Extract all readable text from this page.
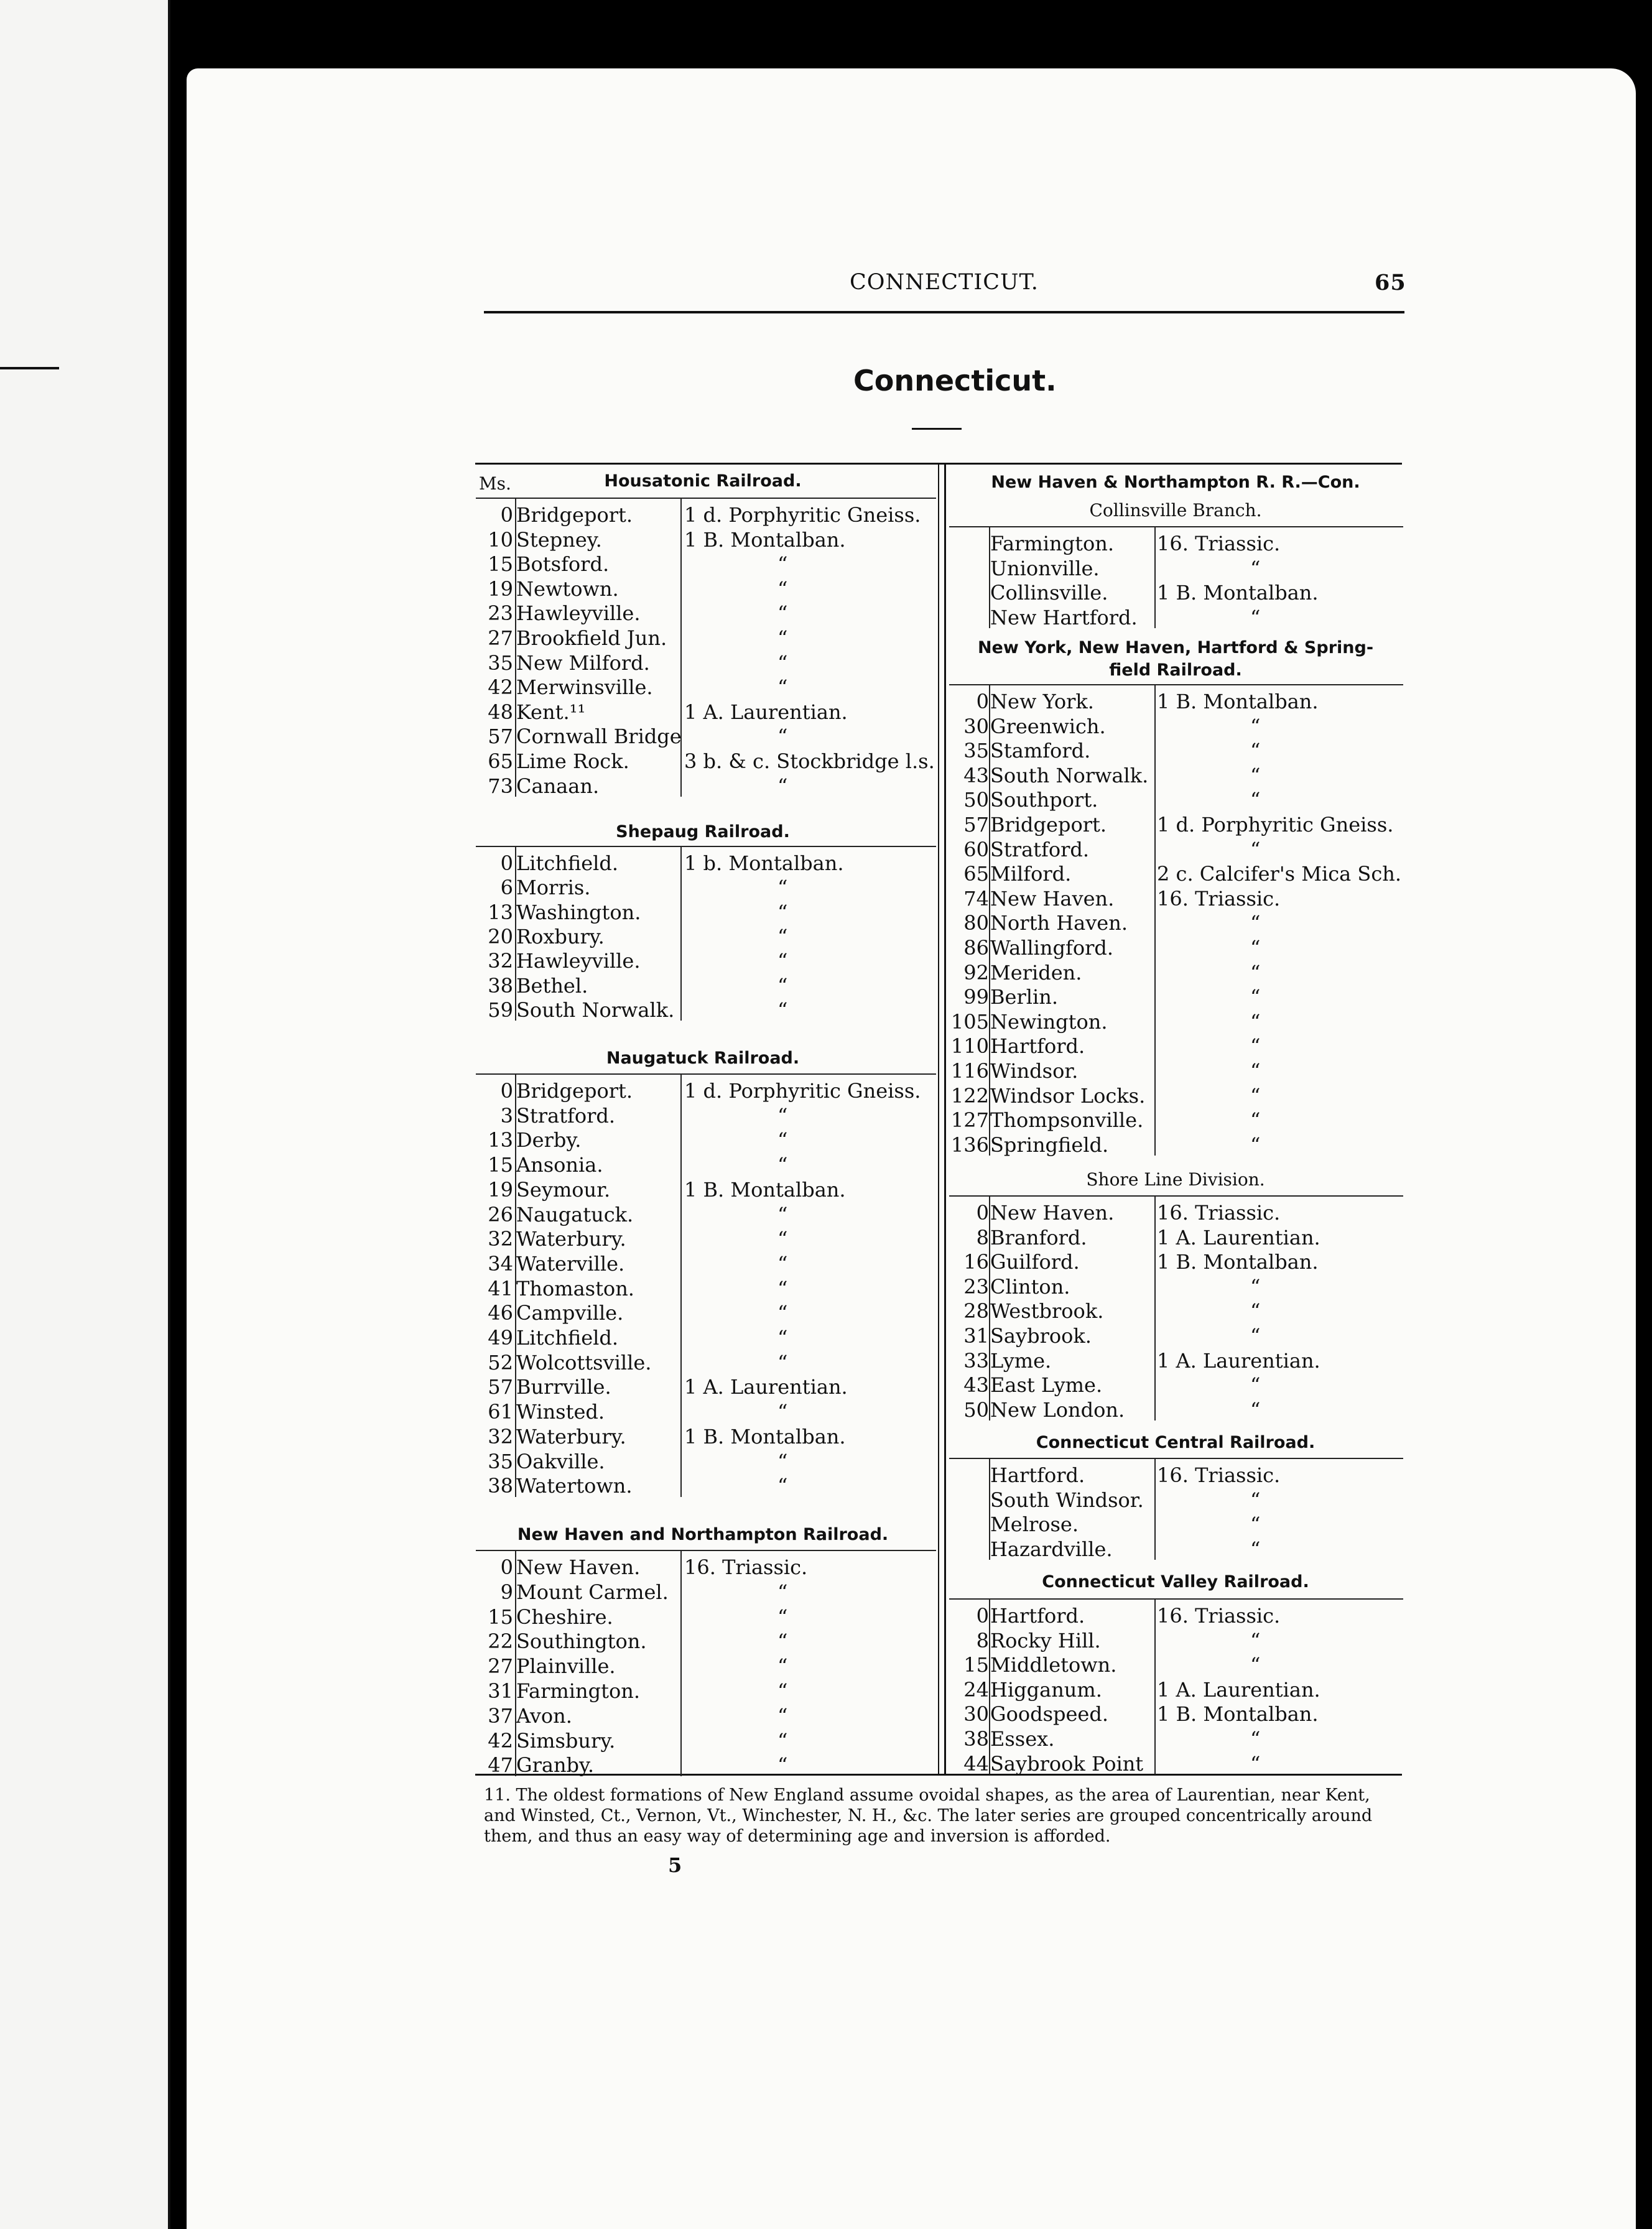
CONNECTICUT.	65
Connecticut.
Housatonic Railroad.
0 Bridgeport.	1 d. Porphyritic Gneiss.
10 Stepney.	1 B. Montalban.
15 Botsford.	“
19 Newtown.	“
23 Hawleyville.	“
27 Brookfield Jun.	“
35 New Milford.	“
42 Merwinsville.	“
48 Kent.¹¹	1 A. Laurentian.
57 Cornwall Bridge	“
65 Lime Rock.	3 b. & c. Stockbridge l.s.
73 Canaan.	“
Shepaug Railroad.
0 Litchfield.	1 b. Montalban.
6 Morris.	“
13 Washington.	“
20 Roxbury.	“
32 Hawleyville.	“
38 Bethel.	“
59 South Norwalk.	“
Naugatuck Railroad.
0 Bridgeport.	1 d. Porphyritic Gneiss.
3 Stratford.	“
13 Derby.	“
15 Ansonia.	“
19 Seymour.	1 B. Montalban.
26 Naugatuck.	“
32 Waterbury.	“
34 Waterville.	“
41 Thomaston.	“
46 Campville.	“
49 Litchfield.	“
52 Wolcottsville.	“
57 Burrville.	1 A. Laurentian.
61 Winsted.	“
32 Waterbury.	1 B. Montalban.
35 Oakville.	“
38 Watertown.	“
New Haven and Northampton Railroad.
0 New Haven. 16. Triassic.
9 Mount Carmel.	“
15 Cheshire.	“
22 Southington.	“
27 Plainville.	“
31 Farmington.	“
37 Avon.	“
42 Simsbury.	“
47 Granby.	“
Ms.	New Haven & Northampton R. R.—Con.
Collinsville Branch.
Farmington. 16. Triassic.
Unionville.	“
Collinsville. 1 B. Montalban.
New Hartford.	“
New York, New Haven, Hartford & Spring-
field Railroad.
0 New York.	1 B. Montalban.
30 Greenwich.	“
35 Stamford.	“
43 South Norwalk.	“
50 Southport.	“
57 Bridgeport.	1 d. Porphyritic Gneiss.
60 Stratford.	“
65 Milford.	2 c. Calcifer's Mica Sch.
74 New Haven. 16. Triassic.
80 North Haven.	“
86 Wallingford.	“
92 Meriden.	“
99 Berlin.	“
105 Newington.	“
110 Hartford.	“
116 Windsor.	“
122 Windsor Locks.	“
127 Thompsonville.	“
136 Springfield.	“
Shore Line Division.
0 New Haven. 16. Triassic.
8 Branford.	1 A. Laurentian.
16 Guilford.	1 B. Montalban.
23 Clinton.	“
28 Westbrook.	“
31 Saybrook.	“
33 Lyme.	1 A. Laurentian.
43 East Lyme.	“
50 New London.	“
Connecticut Central Railroad.
Hartford.	16. Triassic.
South Windsor.	“
Melrose.	“
Hazardville.	“
Connecticut Valley Railroad.
0 Hartford.	16. Triassic.
8 Rocky Hill.	“
15 Middletown.	“
24 Higganum.	1 A. Laurentian.
30 Goodspeed. 1 B. Montalban.
38 Essex.	“
44 Saybrook Point	“
11. The oldest formations of New England assume ovoidal shapes, as the area of Laurentian, near Kent, and Winsted, Ct., Vernon, Vt., Winchester, N. H., &c. The later series are grouped concentrically around them, and thus an easy way of determining age and inversion is afforded.
5
